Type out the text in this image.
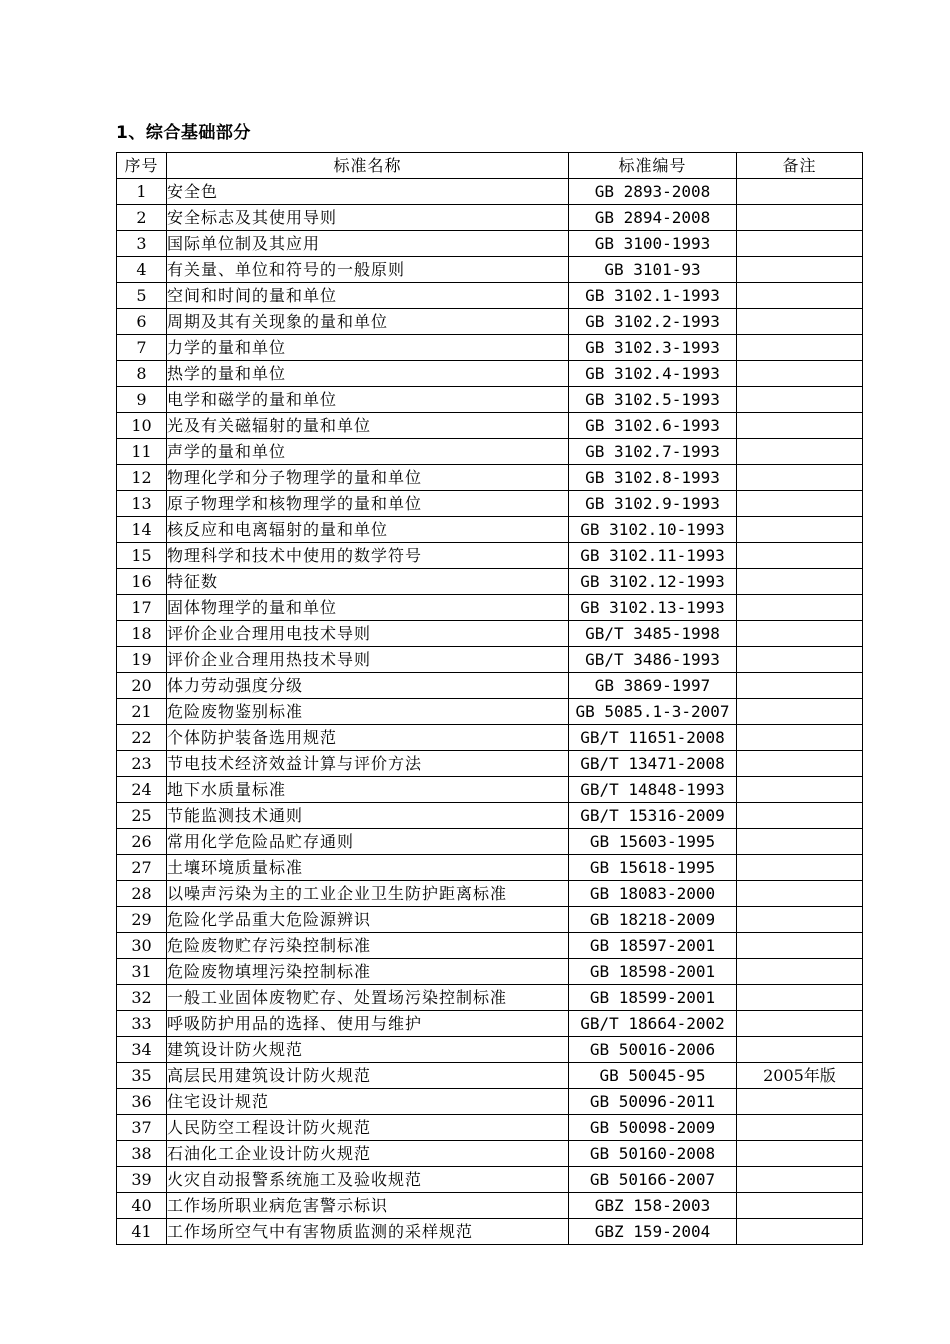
1、综合基础部分
序号	标准名称	标准编号	备注
1	安全色	GB 2893-2008	
2	安全标志及其使用导则	GB 2894-2008	
3	国际单位制及其应用	GB 3100-1993	
4	有关量、单位和符号的一般原则	GB 3101-93	
5	空间和时间的量和单位	GB 3102.1-1993	
6	周期及其有关现象的量和单位	GB 3102.2-1993	
7	力学的量和单位	GB 3102.3-1993	
8	热学的量和单位	GB 3102.4-1993	
9	电学和磁学的量和单位	GB 3102.5-1993	
10	光及有关磁辐射的量和单位	GB 3102.6-1993	
11	声学的量和单位	GB 3102.7-1993	
12	物理化学和分子物理学的量和单位	GB 3102.8-1993	
13	原子物理学和核物理学的量和单位	GB 3102.9-1993	
14	核反应和电离辐射的量和单位	GB 3102.10-1993	
15	物理科学和技术中使用的数学符号	GB 3102.11-1993	
16	特征数	GB 3102.12-1993	
17	固体物理学的量和单位	GB 3102.13-1993	
18	评价企业合理用电技术导则	GB/T 3485-1998	
19	评价企业合理用热技术导则	GB/T 3486-1993	
20	体力劳动强度分级	GB 3869-1997	
21	危险废物鉴别标准	GB 5085.1-3-2007	
22	个体防护装备选用规范	GB/T 11651-2008	
23	节电技术经济效益计算与评价方法	GB/T 13471-2008	
24	地下水质量标准	GB/T 14848-1993	
25	节能监测技术通则	GB/T 15316-2009	
26	常用化学危险品贮存通则	GB 15603-1995	
27	土壤环境质量标准	GB 15618-1995	
28	以噪声污染为主的工业企业卫生防护距离标准	GB 18083-2000	
29	危险化学品重大危险源辨识	GB 18218-2009	
30	危险废物贮存污染控制标准	GB 18597-2001	
31	危险废物填埋污染控制标准	GB 18598-2001	
32	一般工业固体废物贮存、处置场污染控制标准	GB 18599-2001	
33	呼吸防护用品的选择、使用与维护	GB/T 18664-2002	
34	建筑设计防火规范	GB 50016-2006	
35	高层民用建筑设计防火规范	GB 50045-95	2005年版
36	住宅设计规范	GB 50096-2011	
37	人民防空工程设计防火规范	GB 50098-2009	
38	石油化工企业设计防火规范	GB 50160-2008	
39	火灾自动报警系统施工及验收规范	GB 50166-2007	
40	工作场所职业病危害警示标识	GBZ 158-2003	
41	工作场所空气中有害物质监测的采样规范	GBZ 159-2004	
